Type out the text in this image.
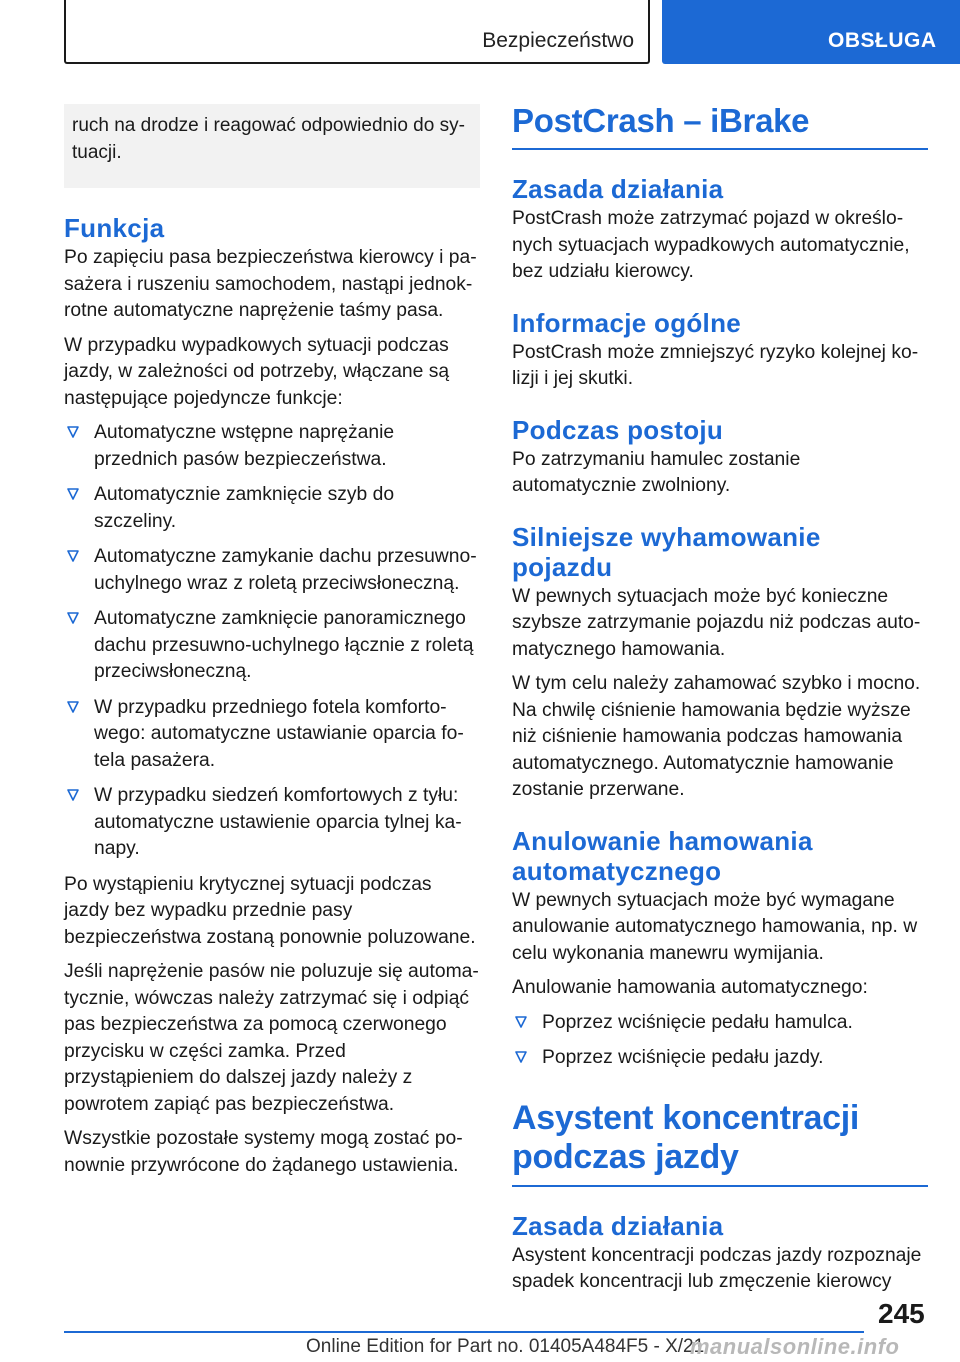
Bezpieczeństwo	OBSŁUGA
ruch na drodze i reagować odpowiednio do sytuacji.
Funkcja

Po zapięciu pasa bezpieczeństwa kierowcy i pasażera i ruszeniu samochodem, nastąpi jednokrotne automatyczne naprężenie taśmy pasa.

W przypadku wypadkowych sytuacji podczas jazdy, w zależności od potrzeby, włączane są następujące pojedyncze funkcje:

Automatyczne wstępne naprężanie przednich pasów bezpieczeństwa.
Automatycznie zamknięcie szyb do szczeliny.
Automatyczne zamykanie dachu przesuwnouchylnego wraz z roletą przeciwsłoneczną.
Automatyczne zamknięcie panoramicznego dachu przesuwno-uchylnego łącznie z roletą przeciwsłoneczną.
W przypadku przedniego fotela komfortowego: automatyczne ustawianie oparcia fotela pasażera.
W przypadku siedzeń komfortowych z tyłu: automatyczne ustawienie oparcia tylnej kanapy.

Po wystąpieniu krytycznej sytuacji podczas jazdy bez wypadku przednie pasy bezpieczeństwa zostaną ponownie poluzowane.

Jeśli naprężenie pasów nie poluzuje się automatycznie, wówczas należy zatrzymać się i odpiąć pas bezpieczeństwa za pomocą czerwonego przycisku w części zamka. Przed przystąpieniem do dalszej jazdy należy z powrotem zapiąć pas bezpieczeństwa.

Wszystkie pozostałe systemy mogą zostać ponownie przywrócone do żądanego ustawienia.

PostCrash – iBrake
Zasada działania

PostCrash może zatrzymać pojazd w określonych sytuacjach wypadkowych automatycznie, bez udziału kierowcy.

Informacje ogólne

PostCrash może zmniejszyć ryzyko kolejnej kolizji i jej skutki.

Podczas postoju

Po zatrzymaniu hamulec zostanie automatycznie zwolniony.

Silniejsze wyhamowanie pojazdu

W pewnych sytuacjach może być konieczne szybsze zatrzymanie pojazdu niż podczas automatycznego hamowania.

W tym celu należy zahamować szybko i mocno. Na chwilę ciśnienie hamowania będzie wyższe niż ciśnienie hamowania podczas hamowania automatycznego. Automatycznie hamowanie zostanie przerwane.

Anulowanie hamowania automatycznego

W pewnych sytuacjach może być wymagane anulowanie automatycznego hamowania, np. w celu wykonania manewru wymijania.

Anulowanie hamowania automatycznego:

Poprzez wciśnięcie pedału hamulca.
Poprzez wciśnięcie pedału jazdy.
Asystent koncentracji podczas jazdy
Zasada działania

Asystent koncentracji podczas jazdy rozpoznaje spadek koncentracji lub zmęczenie kierowcy

245
Online Edition for Part no. 01405A484F5 - X/21
manualsonline.info
